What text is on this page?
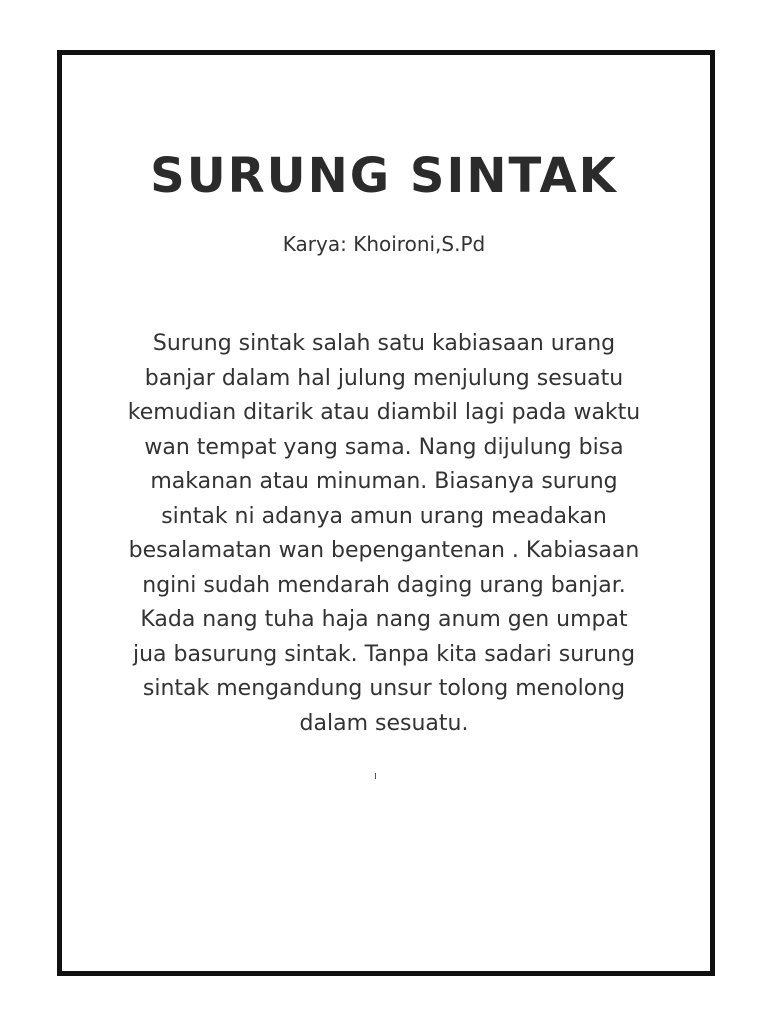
SURUNG SINTAK
Karya: Khoironi,S.Pd

Surung sintak salah satu kabiasaan urang
banjar dalam hal julung menjulung sesuatu
kemudian ditarik atau diambil lagi pada waktu
wan tempat yang sama. Nang dijulung bisa
makanan atau minuman. Biasanya surung
sintak ni adanya amun urang meadakan
besalamatan wan bepengantenan . Kabiasaan
ngini sudah mendarah daging urang banjar.
Kada nang tuha haja nang anum gen umpat
jua basurung sintak. Tanpa kita sadari surung
sintak mengandung unsur tolong menolong
dalam sesuatu.
